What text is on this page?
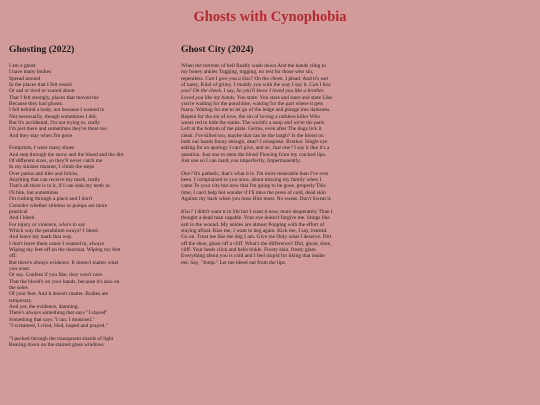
Ghosts with Cynophobia
Ghosting (2022)
I am a ghost
I have many bodies
Spread around
In the places that I felt rested
Or sad or tired or scared about
That I felt strongly, places that moved me
Because they had ghosts.
I felt behind a body, not because I wanted to
Not necessarily, though sometimes I did,
But it's accidental, I'm not trying to, really
I'm just there and sometimes they're there too
And they stay when I'm gone
Footprints, I wear many shoes
And step through the snow and the blood and the dirt
Of different sizes, so they'll never catch me
In my sinister manner, I climb the steps
Over patios and tiles and bricks,
Anything that can receive my mark, really
That's all there is to it, if I can sink my teeth in
I'll bite, but sometimes
I'm rushing through a place and I don't
Consider whether stilettos or pumps are more
practical
And I bleed
For injury or violence, who's to say
Which way the pendulum sways? I bleed
And leave my mark that way.
I don't leave them cause I wanted to, always
Wiping my feet off on the doormat. Wiping my feet
off.
But there's always evidence. It doesn't matter what
you want.
Or say. Confess if you like, they won't care.
That the blood's on your hands, because it's also on
the soles
Of your feet. And it doesn't matter. Bodies are
temporary.
And yet, the evidence, damning.
There's always something that says "I stayed"
Something that says "I ran. I mourned."
"I screamed, I cried, bled, hoped and prayed."
"I pecked through the transparent shards of light
Bearing down on the stained glass windows
Ghost City (2024)
When the torrents of hell finally wash down And the hands cling to my boney ankles Tugging, tugging, no rest for those who sin, repentless. Can I give you a kiss? On the cheek. I plead. And it's sort of nasty, Kind of grimy. I muddy you with the way I say it. Can I kiss you? On the cheek. I say, So you'll know I loved you like a brother. Loved you like my hands. You stare. You stare and stare and stare Like you're waiting for the punchline, waiting for the part where it gets funny. Waiting for me to let go of the ledge and plunge into darkness. Repent for the sin of love, the sin of loving a ruthless killer Who wears red to hide the stains. The world's a soup and we're the parts Left at the bottom of the plate. Germs, even after The dogs lick it clean. I've killed too, maybe that can be the laugh? Is the blood on both our hands funny enough, dear? I misspoke. Brother. Single eye asking for an apology I can't give, and so, Just one? I say it like it's a question. Just one to stem the blood Flowing from my cracked lips. Just one so I can mark you imperfectly, Impermanently.
One? It's pathetic, that's what it is. I'm more miserable than I've ever been. I complained to you once, about missing my family when I came To your city but now that I'm going to be gone, properly This time, I can't help but wonder if I'll miss the press of cold, dead skin Against my back when you miss Him most. No sweat. Don't Sweat it.
Kiss? I didn't want it in life but I want it now, more desperately Than I thought a dead man capable. Your eye doesn't forgive me. Stings like salt in the wound. My ankles are almost Popping with the effort of staying afloat. Kiss me, I want to beg again. Kick me, I say, instead. Go on. Treat me like the dog I am. Give me Only what I deserve. Dirt off the shoe, ghost off a cliff. What's the difference? Dirt, ghost, shoe, cliff. Your heels click and bells tinkle. Frosty skin, frosty glare. Everything about you is cold and I feel stupid for liking that inside me. Say, "Jump." Let me bleed out from the lips.
